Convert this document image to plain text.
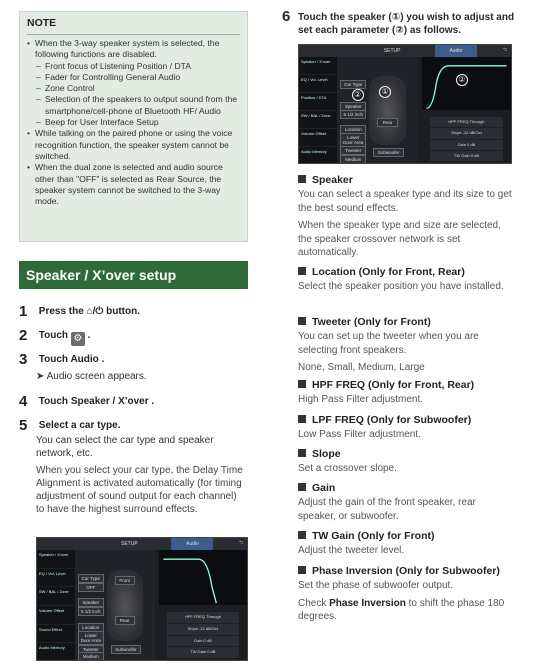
NOTE
• When the 3-way speaker system is selected, the following functions are disabled.
– Front focus of Listening Position / DTA
– Fader for Controlling General Audio
– Zone Control
– Selection of the speakers to output sound from the smartphone/cell-phone of Bluetooth HF/ Audio
– Beep for User Interface Setup
• While talking on the paired phone or using the voice recognition function, the speaker system cannot be switched.
• When the dual zone is selected and audio source other than "OFF" is selected as Rear Source, the speaker system cannot be switched to the 3-way mode.
Speaker / X’over setup
1 Press the ⌂/⏻ button.
2 Touch ⚙ .
3 Touch Audio .
➤ Audio screen appears.
4 Touch Speaker / X’over .
5 Select a car type.
You can select the car type and speaker network, etc.
When you select your car type, the Delay Time Alignment is activated automatically (for timing adjustment of sound output for each channel) to have the highest surround effects.
SETUP	Audio	⮌
Speaker / X'over
EQ / Vol. Level
SW / BAL / Zone
Volume Offset
Sound Effect
Audio Memory
Car Type
OFF
Speaker
6 1/2 inch
Location
Lower Door Area
Tweeter
Medium
Front
Rear
Subwoofer
HPF FREQ Through
Slope -12 dB/Oct
Gain 0 dB
TW Gain 0 dB
6 Touch the speaker (①) you wish to adjust and set each parameter (②) as follows.
SETUP	Audio	⮌
Speaker / X'over
EQ / Vol. Level
Position / DTA
SW / BAL / Zone
Volume Offset
Audio Memory
Car Type
Speaker
6 1/2 inch
Location
Lower Door Area
Tweeter
Medium
Rear
Subwoofer
①
②
②
HPF FREQ Through
Slope -12 dB/Oct
Gain 0 dB
TW Gain 0 dB
Speaker

You can select a speaker type and its size to get the best sound effects.

When the speaker type and size are selected, the speaker crossover network is set automatically.

Location (Only for Front, Rear)

Select the speaker position you have installed.

Tweeter (Only for Front)

You can set up the tweeter when you are selecting front speakers.

None, Small, Medium, Large

HPF FREQ (Only for Front, Rear)

High Pass Filter adjustment.

LPF FREQ (Only for Subwoofer)

Low Pass Filter adjustment.

Slope

Set a crossover slope.

Gain

Adjust the gain of the front speaker, rear speaker, or subwoofer.

TW Gain (Only for Front)

Adjust the tweeter level.

Phase Inversion (Only for Subwoofer)

Set the phase of subwoofer output.

Check Phase Inversion to shift the phase 180 degrees.
